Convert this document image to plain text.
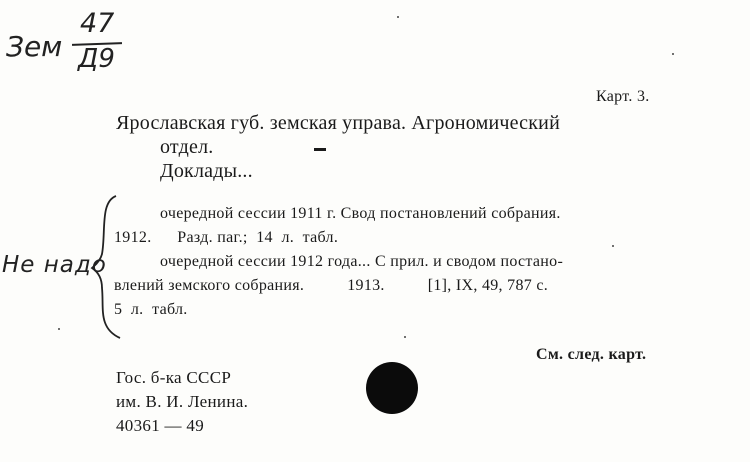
Зем
47
Д9
Карт. 3.
Ярославская губ. земская управа. Агрономический
отдел.
Доклады...
Не надо
очередной сессии 1911 г. Свод постановлений собрания.
1912.      Разд. паг.;  14  л.  табл.
очередной сессии 1912 года... С прил. и сводом постано-
влений земского собрания.          1913.          [1], IX, 49, 787 с.
5  л.  табл.
См. след. карт.
Гос. б-ка СССР
им. В. И. Ленина.
40361 — 49
